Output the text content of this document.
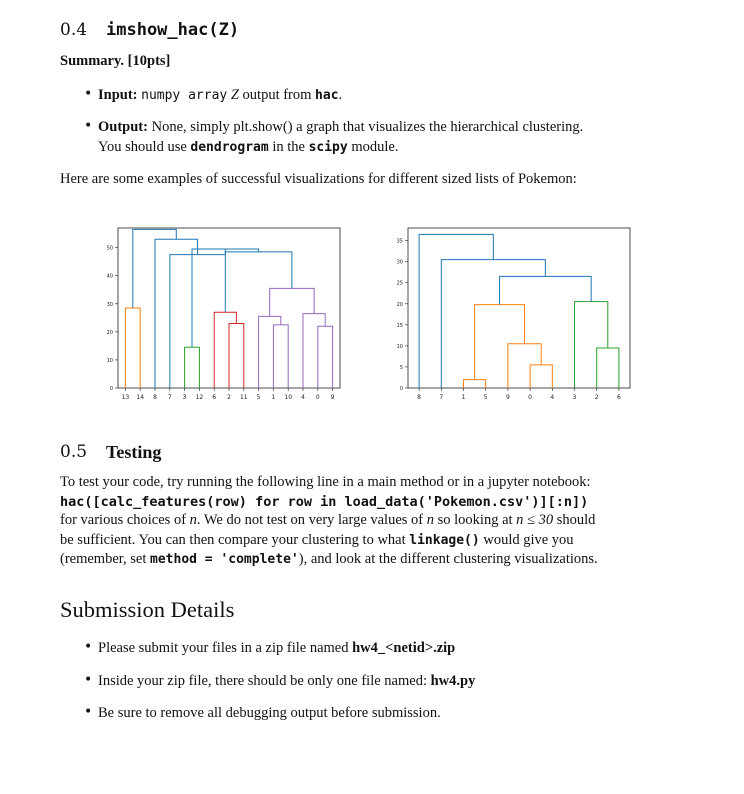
0.4 imshow_hac(Z)
Summary. [10pts]
• Input: numpy array Z output from hac.
• Output: None, simply plt.show() a graph that visualizes the hierarchical clustering.
You should use dendrogram in the scipy module.
Here are some examples of successful visualizations for different sized lists of Pokemon:
0
10
20
30
40
50
13 14 8 7 3 12 6 2 11 5 1 10 4 0 9
0
5
10
15
20
25
30
35
8	7	1	5	9	0	4	3	2	6
0.5 Testing
To test your code, try running the following line in a main method or in a jupyter notebook:
hac([calc_features(row) for row in load_data('Pokemon.csv')][:n])
for various choices of n. We do not test on very large values of n so looking at n ≤ 30 should
be sufficient. You can then compare your clustering to what linkage() would give you
(remember, set method = 'complete'), and look at the different clustering visualizations.
Submission Details
• Please submit your files in a zip file named hw4_<netid>.zip
• Inside your zip file, there should be only one file named: hw4.py
• Be sure to remove all debugging output before submission.
